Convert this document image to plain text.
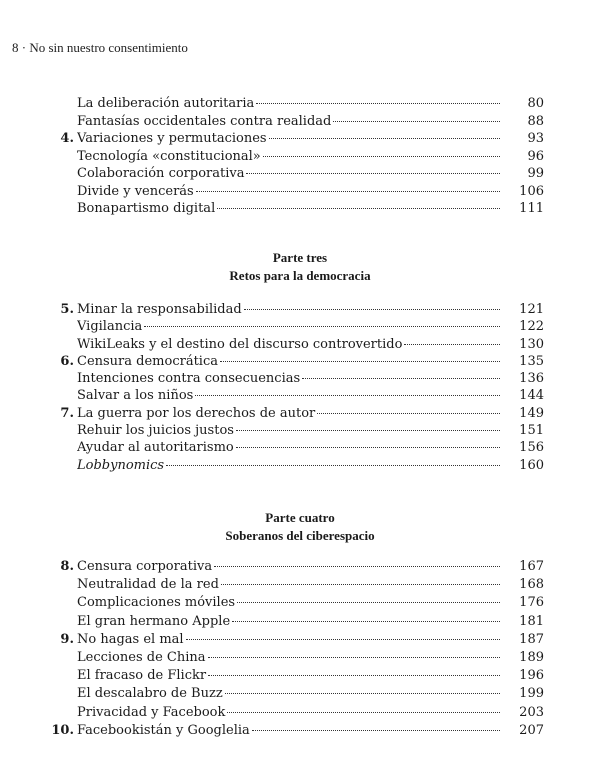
8 · No sin nuestro consentimiento
La deliberación autoritaria	80
Fantasías occidentales contra realidad	88
4. Variaciones y permutaciones	93
Tecnología «constitucional»	96
Colaboración corporativa	99
Divide y vencerás	106
Bonapartismo digital	111
Parte tres
Retos para la democracia
5. Minar la responsabilidad	121
Vigilancia	122
WikiLeaks y el destino del discurso controvertido	130
6. Censura democrática	135
Intenciones contra consecuencias	136
Salvar a los niños	144
7. La guerra por los derechos de autor	149
Rehuir los juicios justos	151
Ayudar al autoritarismo	156
Lobbynomics	160
Parte cuatro
Soberanos del ciberespacio
8. Censura corporativa	167
Neutralidad de la red	168
Complicaciones móviles	176
El gran hermano Apple	181
9. No hagas el mal	187
Lecciones de China	189
El fracaso de Flickr	196
El descalabro de Buzz	199
Privacidad y Facebook	203
10. Facebookistán y Googlelia	207
